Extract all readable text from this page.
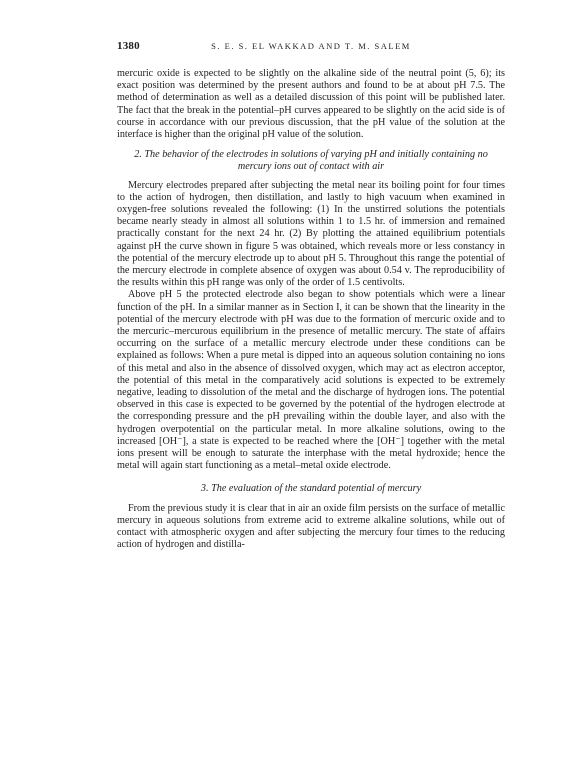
1380	S. E. S. EL WAKKAD AND T. M. SALEM

mercuric oxide is expected to be slightly on the alkaline side of the neutral point (5, 6); its exact position was determined by the present authors and found to be at about pH 7.5. The method of determination as well as a detailed discussion of this point will be published later. The fact that the break in the potential–pH curves appeared to be slightly on the acid side is of course in accordance with our previous discussion, that the pH value of the solution at the interface is higher than the original pH value of the solution.

2. The behavior of the electrodes in solutions of varying pH and initially containing no mercury ions out of contact with air

Mercury electrodes prepared after subjecting the metal near its boiling point for four times to the action of hydrogen, then distillation, and lastly to high vacuum when examined in oxygen-free solutions revealed the following: (1) In the unstirred solutions the potentials became nearly steady in almost all solutions within 1 to 1.5 hr. of immersion and remained practically constant for the next 24 hr. (2) By plotting the attained equilibrium potentials against pH the curve shown in figure 5 was obtained, which reveals more or less constancy in the potential of the mercury electrode up to about pH 5. Throughout this range the potential of the mercury electrode in complete absence of oxygen was about 0.54 v. The reproducibility of the results within this pH range was only of the order of 1.5 centivolts.

Above pH 5 the protected electrode also began to show potentials which were a linear function of the pH. In a similar manner as in Section I, it can be shown that the linearity in the potential of the mercury electrode with pH was due to the formation of mercuric oxide and to the mercuric–mercurous equilibrium in the presence of metallic mercury. The state of affairs occurring on the surface of a metallic mercury electrode under these conditions can be explained as follows: When a pure metal is dipped into an aqueous solution containing no ions of this metal and also in the absence of dissolved oxygen, which may act as electron acceptor, the potential of this metal in the comparatively acid solutions is expected to be extremely negative, leading to dissolution of the metal and the discharge of hydrogen ions. The potential observed in this case is expected to be governed by the potential of the hydrogen electrode at the corresponding pressure and the pH prevailing within the double layer, and also with the hydrogen overpotential on the particular metal. In more alkaline solutions, owing to the increased [OH⁻], a state is expected to be reached where the [OH⁻] together with the metal ions present will be enough to saturate the interphase with the metal hydroxide; hence the metal will again start functioning as a metal–metal oxide electrode.

3. The evaluation of the standard potential of mercury

From the previous study it is clear that in air an oxide film persists on the surface of metallic mercury in aqueous solutions from extreme acid to extreme alkaline solutions, while out of contact with atmospheric oxygen and after subjecting the mercury four times to the reducing action of hydrogen and distilla-
